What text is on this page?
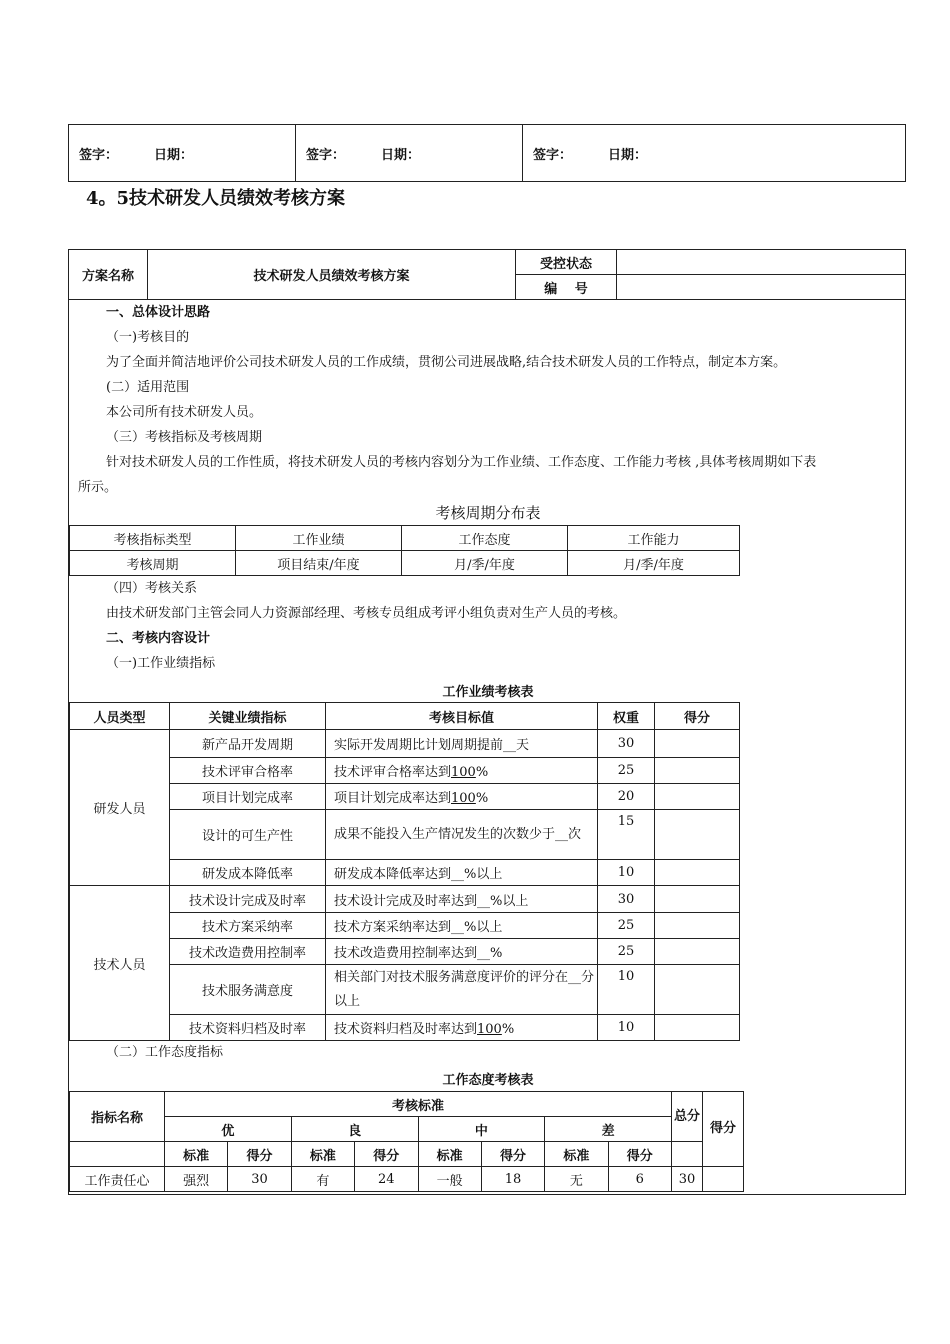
签字：	日期：	签字：	日期：	签字：	日期：
4。5技术研发人员绩效考核方案
方案名称	技术研发人员绩效考核方案	受控状态	
		编　 号	
一、总体设计思路
（一)考核目的
为了全面并简洁地评价公司技术研发人员的工作成绩，贯彻公司进展战略,结合技术研发人员的工作特点，制定本方案。
(二）适用范围
本公司所有技术研发人员。
（三）考核指标及考核周期
针对技术研发人员的工作性质，将技术研发人员的考核内容划分为工作业绩、工作态度、工作能力考核 ,具体考核周期如下表
所示。
考核周期分布表
考核指标类型	工作业绩	工作态度	工作能力
考核周期	项目结束/年度	月/季/年度	月/季/年度
（四）考核关系
由技术研发部门主管会同人力资源部经理、考核专员组成考评小组负责对生产人员的考核。
二、考核内容设计
（一)工作业绩指标
工作业绩考核表
人员类型	关键业绩指标	考核目标值	权重	得分
研发人员	新产品开发周期	实际开发周期比计划周期提前__天	30	
	技术评审合格率	技术评审合格率达到100%	25	
	项目计划完成率	项目计划完成率达到100%	20	
	设计的可生产性	成果不能投入生产情况发生的次数少于__次	15	
	研发成本降低率	研发成本降低率达到__%以上	10	
技术人员	技术设计完成及时率	技术设计完成及时率达到__%以上	30	
	技术方案采纳率	技术方案采纳率达到__%以上	25	
	技术改造费用控制率	技术改造费用控制率达到__%	25	
	技术服务满意度	相关部门对技术服务满意度评价的评分在__分以上	10	
	技术资料归档及时率	技术资料归档及时率达到100%	10	
（二）工作态度指标
工作态度考核表
指标名称	考核标准								总分	得分
	优		良		中		差			
	标准	得分	标准	得分	标准	得分	标准	得分		
工作责任心	强烈	30	有	24	一般	18	无	6	30	
